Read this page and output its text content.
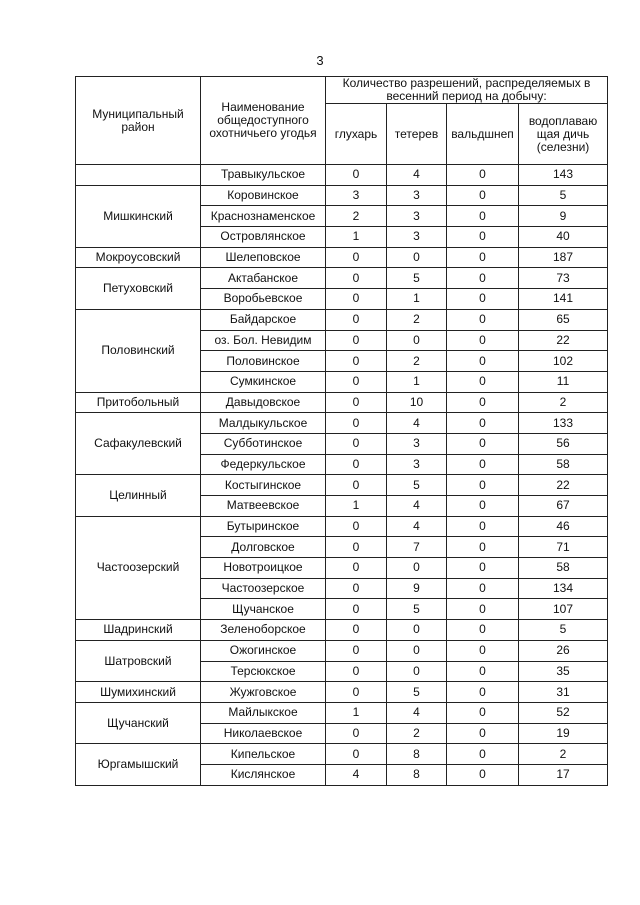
3
Муниципальный район	Наименование общедоступного охотничьего угодья	Количество разрешений, распределяемых в весенний период на добычу:			
		глухарь	тетерев	вальдшнеп	водоплаваю щая дичь (селезни)
	Травыкульское	0	4	0	143
Мишкинский	Коровинское	3	3	0	5
	Краснознаменское	2	3	0	9
	Островлянское	1	3	0	40
Мокроусовский	Шелеповское	0	0	0	187
Петуховский	Актабанское	0	5	0	73
	Воробьевское	0	1	0	141
Половинский	Байдарское	0	2	0	65
	оз. Бол. Невидим	0	0	0	22
	Половинское	0	2	0	102
	Сумкинское	0	1	0	11
Притобольный	Давыдовское	0	10	0	2
Сафакулевский	Малдыкульское	0	4	0	133
	Субботинское	0	3	0	56
	Федеркульское	0	3	0	58
Целинный	Костыгинское	0	5	0	22
	Матвеевское	1	4	0	67
Частоозерский	Бутыринское	0	4	0	46
	Долговское	0	7	0	71
	Новотроицкое	0	0	0	58
	Частоозерское	0	9	0	134
	Щучанское	0	5	0	107
Шадринский	Зеленоборское	0	0	0	5
Шатровский	Ожогинское	0	0	0	26
	Терсюкское	0	0	0	35
Шумихинский	Жужговское	0	5	0	31
Щучанский	Майлыкское	1	4	0	52
	Николаевское	0	2	0	19
Юргамышский	Кипельское	0	8	0	2
	Кислянское	4	8	0	17
